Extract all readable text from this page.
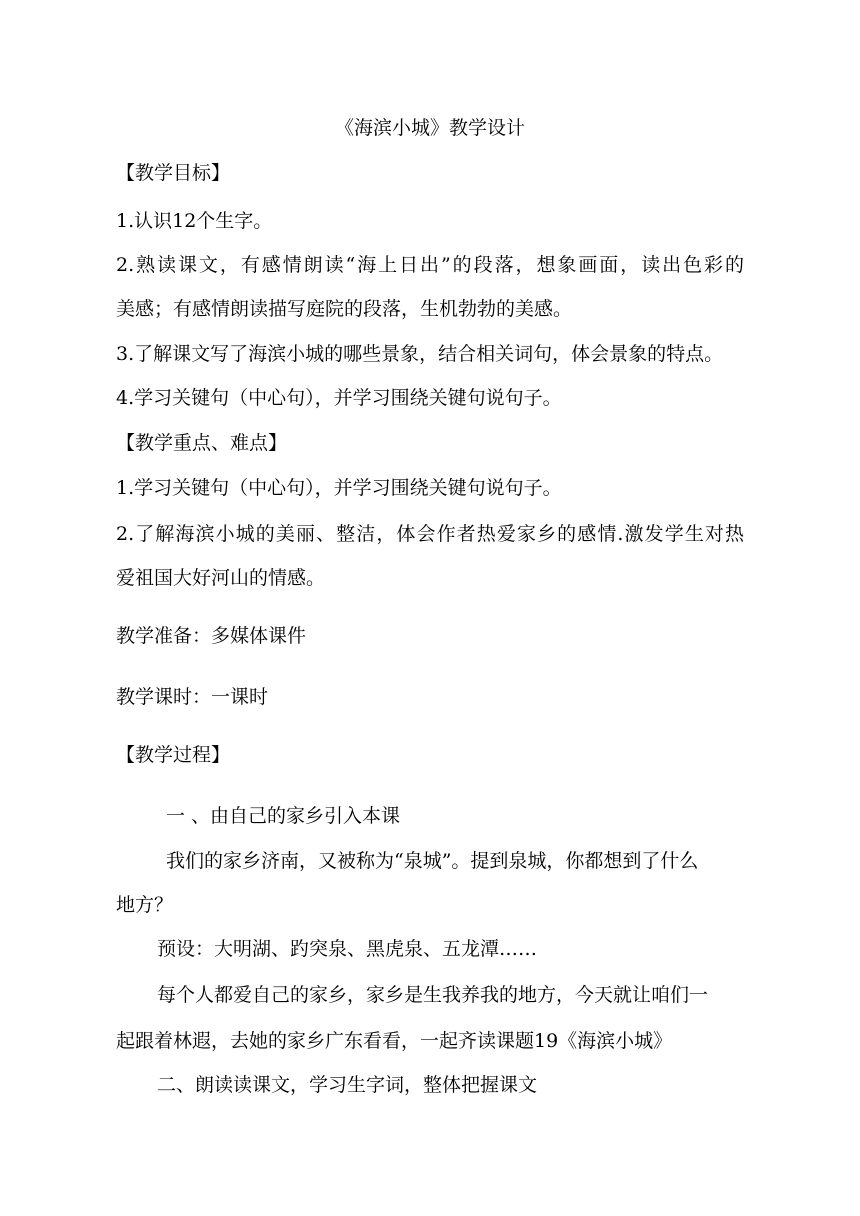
《海滨小城》教学设计
【教学目标】
1.认识12个生字。
2.熟读课文，有感情朗读“海上日出”的段落，想象画面，读出色彩的
美感；有感情朗读描写庭院的段落，生机勃勃的美感。
3.了解课文写了海滨小城的哪些景象，结合相关词句，体会景象的特点。
4.学习关键句（中心句），并学习围绕关键句说句子。
【教学重点、难点】
1.学习关键句（中心句），并学习围绕关键句说句子。
2.了解海滨小城的美丽、整洁，体会作者热爱家乡的感情.激发学生对热
爱祖国大好河山的情感。
教学准备：多媒体课件
教学课时：一课时
【教学过程】
一 、由自己的家乡引入本课
我们的家乡济南，又被称为“泉城”。提到泉城，你都想到了什么
地方？
预设：大明湖、趵突泉、黑虎泉、五龙潭……
每个人都爱自己的家乡，家乡是生我养我的地方，今天就让咱们一
起跟着林遐，去她的家乡广东看看，一起齐读课题19《海滨小城》
二、朗读读课文，学习生字词，整体把握课文
